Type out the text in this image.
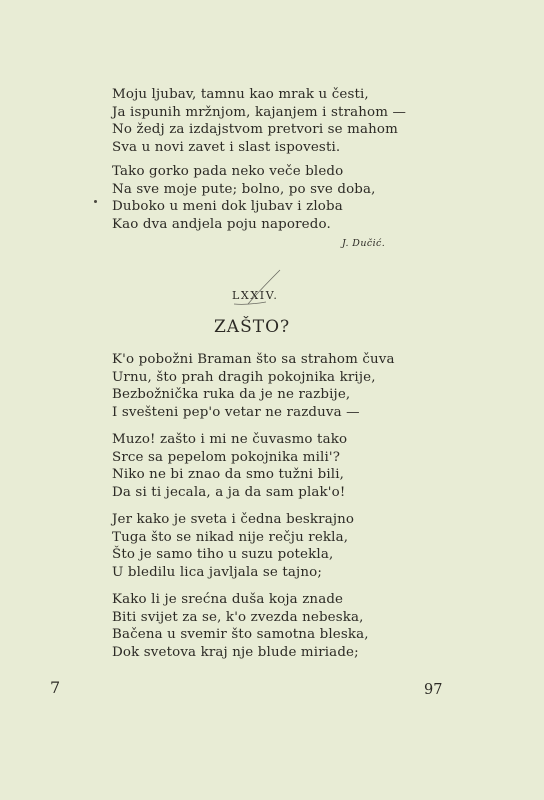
Moju ljubav, tamnu kao mrak u česti,
Ja ispunih mržnjom, kajanjem i strahom —
No žedj za izdajstvom pretvori se mahom
Sva u novi zavet i slast ispovesti.
Tako gorko pada neko veče bledo
Na sve moje pute; bolno, po sve doba,
Duboko u meni dok ljubav i zloba
Kao dva andjela poju naporedo.
J. Dučić.
LXXIV.
ZAŠTO?
K'o pobožni Braman što sa strahom čuva
Urnu, što prah dragih pokojnika krije,
Bezbožnička ruka da je ne razbije,
I svešteni pep'o vetar ne razduva —
Muzo! zašto i mi ne čuvasmo tako
Srce sa pepelom pokojnika mili'?
Niko ne bi znao da smo tužni bili,
Da si ti jecala, a ja da sam plak'o!
Jer kako je sveta i čedna beskrajno
Tuga što se nikad nije rečju rekla,
Što je samo tiho u suzu potekla,
U bledilu lica javljala se tajno;
Kako li je srećna duša koja znade
Biti svijet za se, k'o zvezda nebeska,
Bačena u svemir što samotna bleska,
Dok svetova kraj nje blude miriade;
7	97
